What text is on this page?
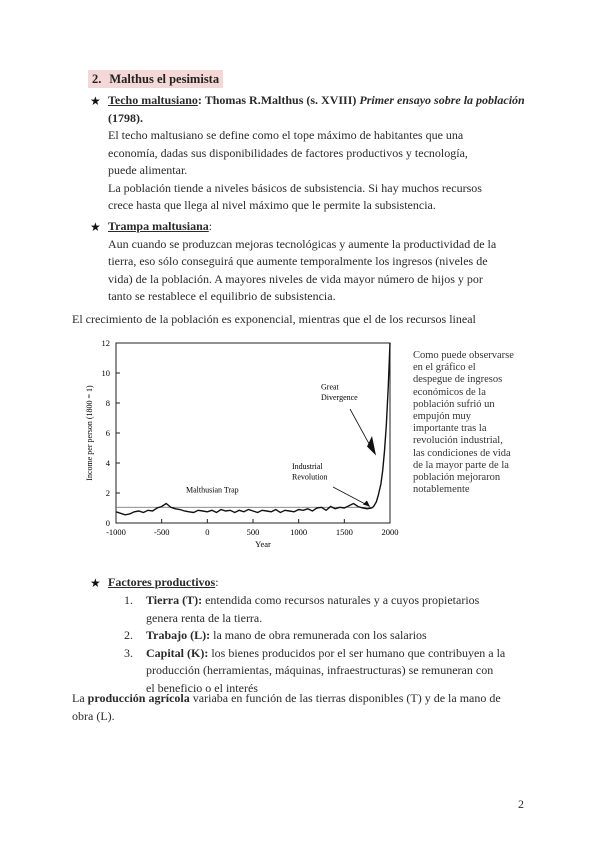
2. Malthus el pesimista
★ Techo maltusiano: Thomas R.Malthus (s. XVIII) Primer ensayo sobre la población

(1798).

El techo maltusiano se define como el tope máximo de habitantes que una

economía, dadas sus disponibilidades de factores productivos y tecnología,

puede alimentar.

La población tiende a niveles básicos de subsistencia. Si hay muchos recursos

crece hasta que llega al nivel máximo que le permite la subsistencia.

★ Trampa maltusiana:

Aun cuando se produzcan mejoras tecnológicas y aumente la productividad de la

tierra, eso sólo conseguirá que aumente temporalmente los ingresos (niveles de

vida) de la población. A mayores niveles de vida mayor número de hijos y por

tanto se restablece el equilibrio de subsistencia.

El crecimiento de la población es exponencial, mientras que el de los recursos lineal
0
2
4
6
8
10
12
-1000	-500	0	500	1000	1500	2000
Year
Income per person (1800 = 1)
Malthusian Trap
Industrial
Revolution
Great
Divergence
Como puede observarse
en el gráfico el
despegue de ingresos
económicos de la
población sufrió un
empujón muy
importante tras la
revolución industrial,
las condiciones de vida
de la mayor parte de la
población mejoraron
notablemente
★ Factores productivos:

1. Tierra (T): entendida como recursos naturales y a cuyos propietarios

genera renta de la tierra.

2. Trabajo (L): la mano de obra remunerada con los salarios

3. Capital (K): los bienes producidos por el ser humano que contribuyen a la

producción (herramientas, máquinas, infraestructuras) se remuneran con

el beneficio o el interés

La producción agrícola variaba en función de las tierras disponibles (T) y de la mano de

obra (L).

2
